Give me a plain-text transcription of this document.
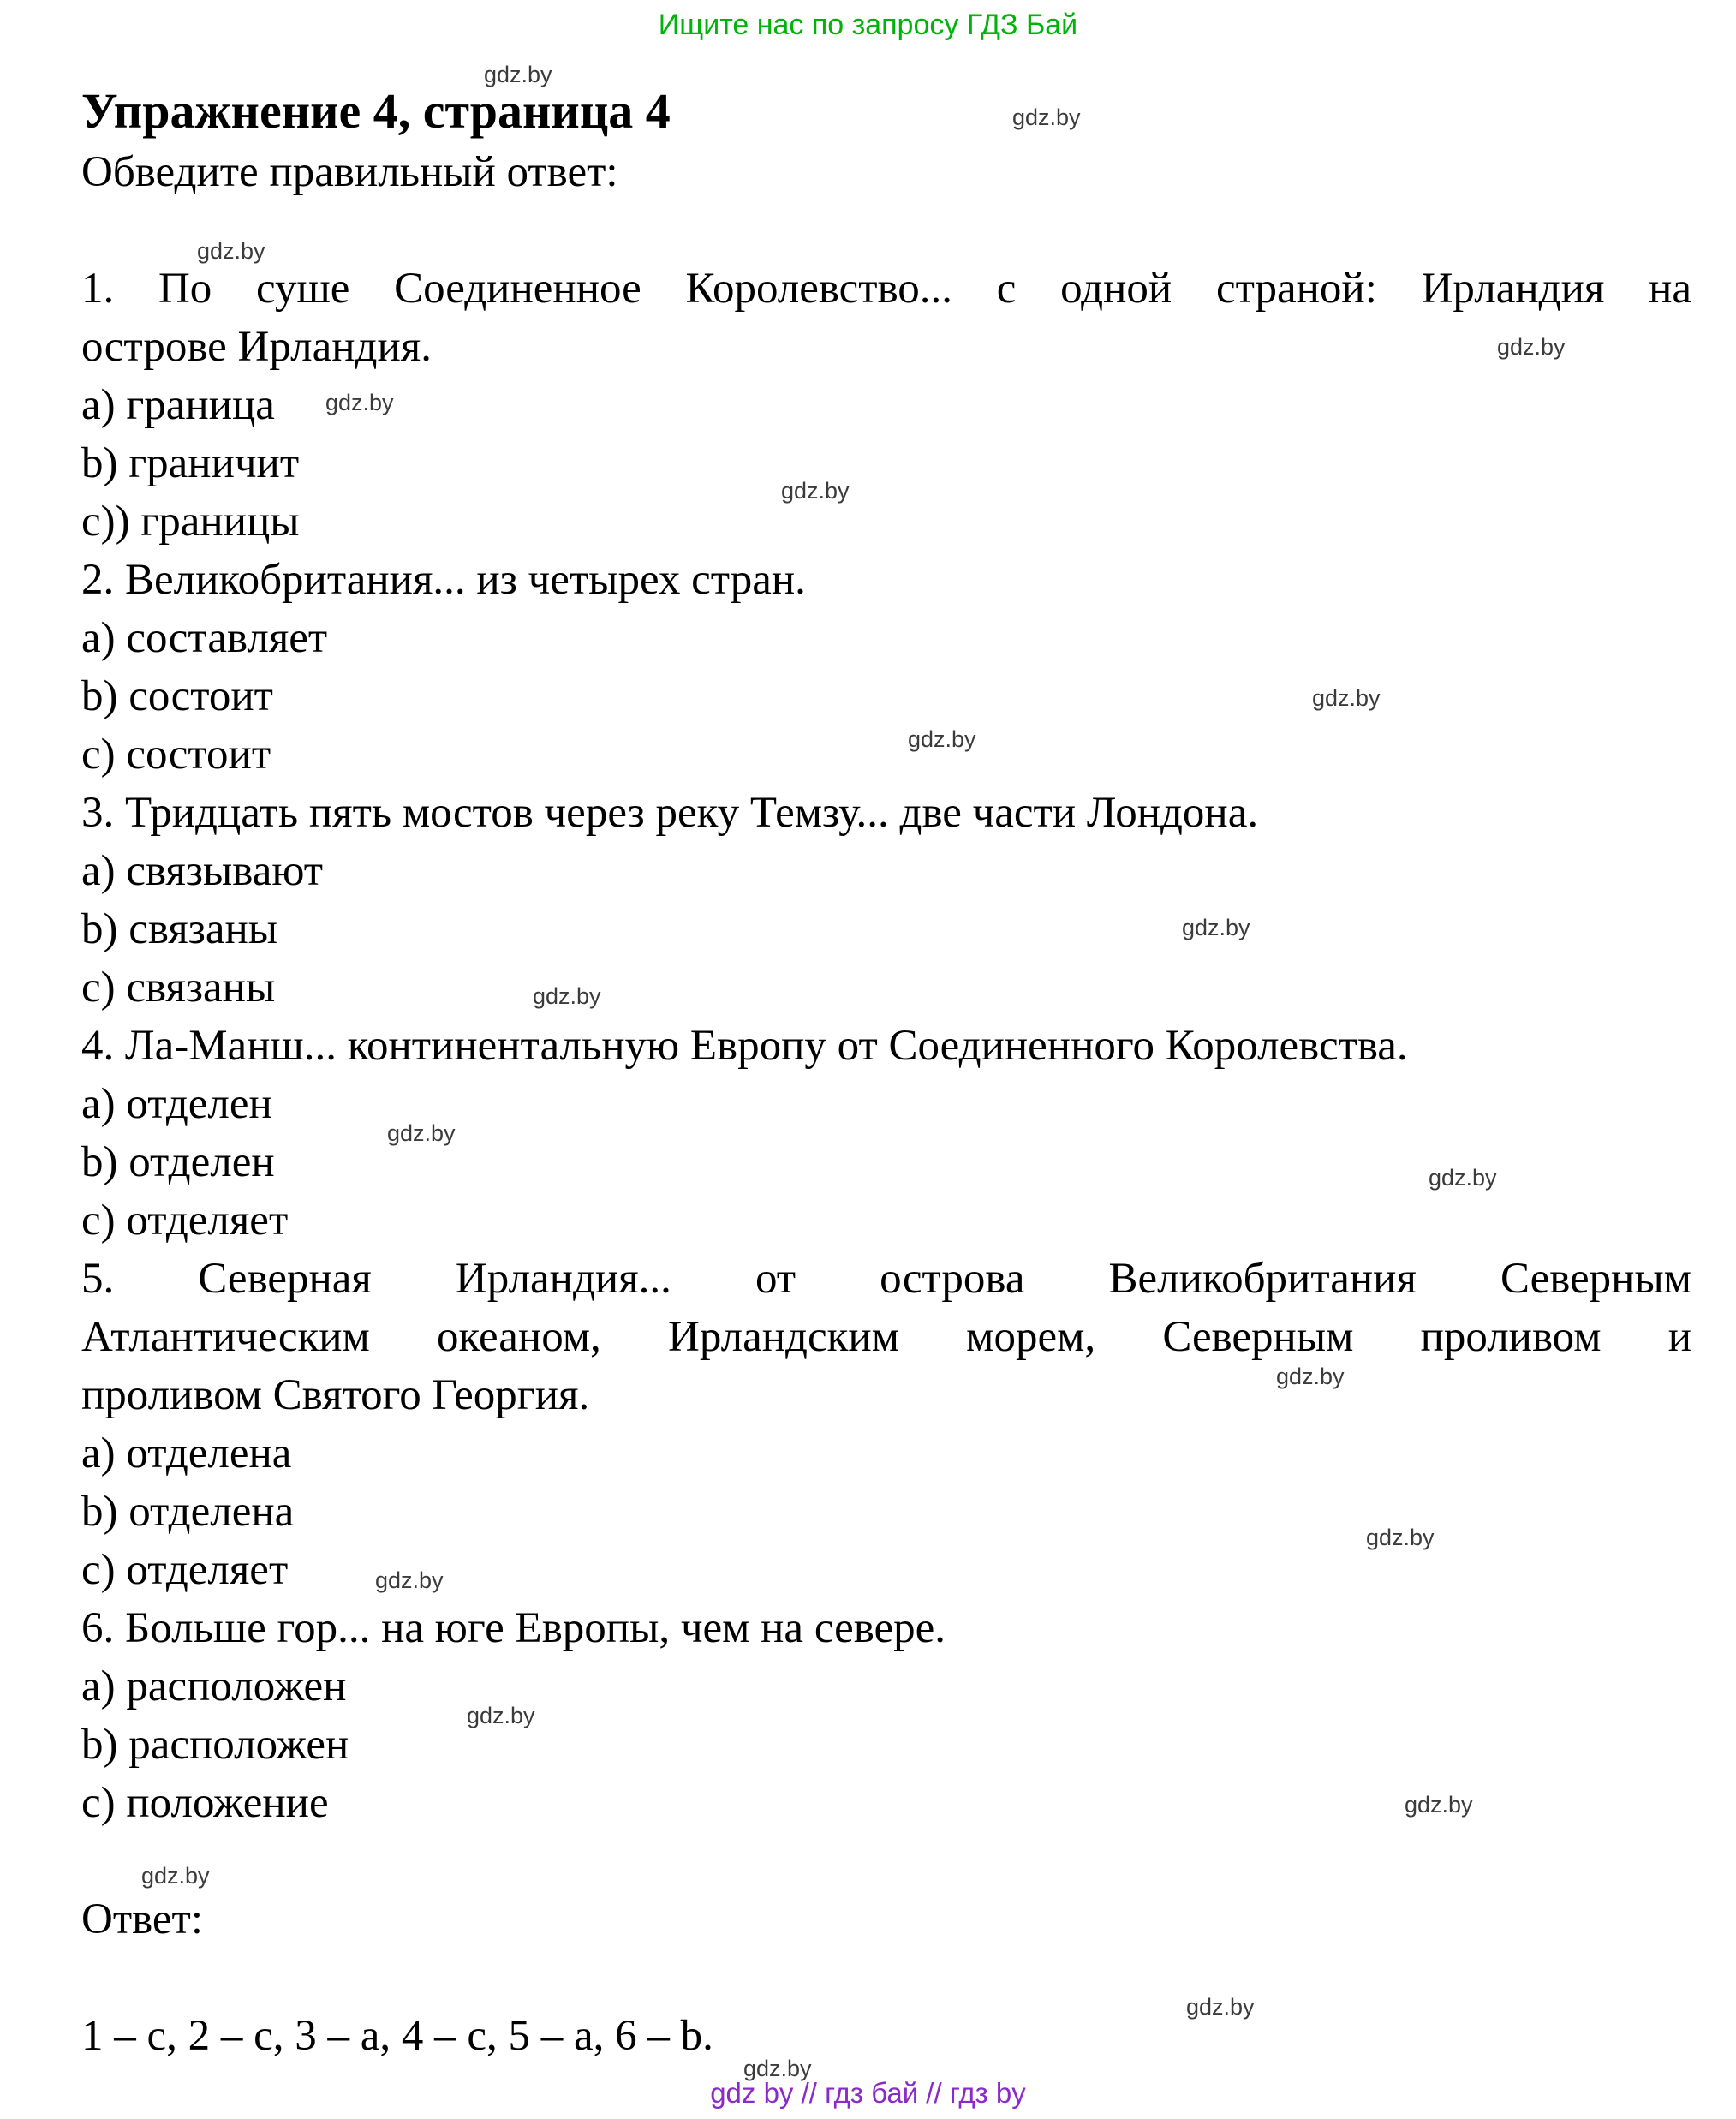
Ищите нас по запросу ГДЗ Бай
Упражнение 4, страница 4

Обведите правильный ответ:

1. По суше Соединенное Королевство... с одной страной: Ирландия на

острове Ирландия.

a) граница

b) граничит

c)) границы

2. Великобритания... из четырех стран.

a) составляет

b) состоит

c) состоит

3. Тридцать пять мостов через реку Темзу... две части Лондона.

a) связывают

b) связаны

c) связаны

4. Ла-Манш... континентальную Европу от Соединенного Королевства.

a) отделен

b) отделен

c) отделяет

5. Северная Ирландия... от острова Великобритания Северным

Атлантическим океаном, Ирландским морем, Северным проливом и

проливом Святого Георгия.

a) отделена

b) отделена

c) отделяет

6. Больше гор... на юге Европы, чем на севере.

a) расположен

b) расположен

c) положение

Ответ:

1 – c, 2 – c, 3 – a, 4 – c, 5 – a, 6 – b.

gdz by // гдз бай // гдз by
gdz.by
gdz.by
gdz.by
gdz.by
gdz.by
gdz.by
gdz.by
gdz.by
gdz.by
gdz.by
gdz.by
gdz.by
gdz.by
gdz.by
gdz.by
gdz.by
gdz.by
gdz.by
gdz.by
gdz.by
